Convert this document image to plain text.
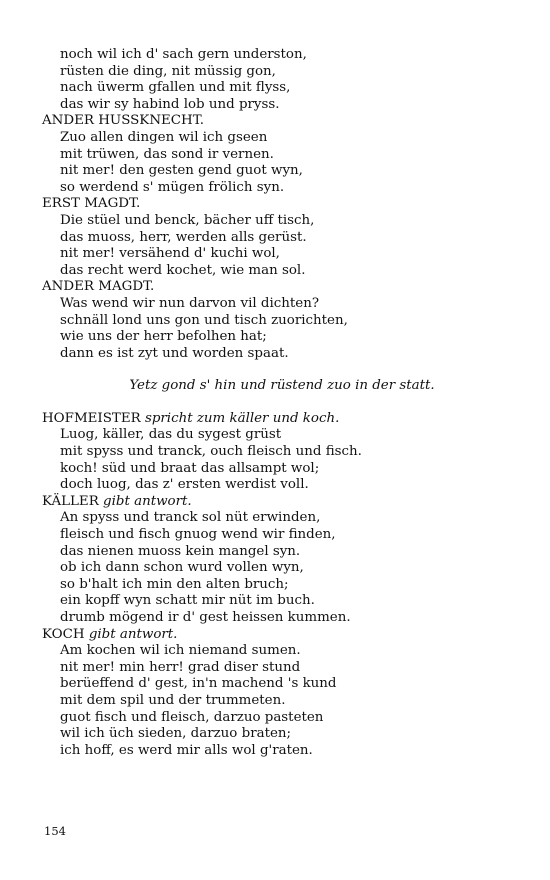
noch wil ich d' sach gern underston,
rüsten die ding, nit müssig gon,
nach üwerm gfallen und mit flyss,
das wir sy habind lob und pryss.
ANDER HUSSKNECHT.
Zuo allen dingen wil ich gseen
mit trüwen, das sond ir vernen.
nit mer! den gesten gend guot wyn,
so werdend s' mügen frölich syn.
ERST MAGDT.
Die stüel und benck, bächer uff tisch,
das muoss, herr, werden alls gerüst.
nit mer! versähend d' kuchi wol,
das recht werd kochet, wie man sol.
ANDER MAGDT.
Was wend wir nun darvon vil dichten?
schnäll lond uns gon und tisch zuorichten,
wie uns der herr befolhen hat;
dann es ist zyt und worden spaat.
Yetz gond s' hin und rüstend zuo in der statt.
HOFMEISTER spricht zum käller und koch.
Luog, käller, das du sygest grüst
mit spyss und tranck, ouch fleisch und fisch.
koch! süd und braat das allsampt wol;
doch luog, das z' ersten werdist voll.
KÄLLER gibt antwort.
An spyss und tranck sol nüt erwinden,
fleisch und fisch gnuog wend wir finden,
das nienen muoss kein mangel syn.
ob ich dann schon wurd vollen wyn,
so b'halt ich min den alten bruch;
ein kopff wyn schatt mir nüt im buch.
drumb mögend ir d' gest heissen kummen.
KOCH gibt antwort.
Am kochen wil ich niemand sumen.
nit mer! min herr! grad diser stund
berüeffend d' gest, in'n machend 's kund
mit dem spil und der trummeten.
guot fisch und fleisch, darzuo pasteten
wil ich üch sieden, darzuo braten;
ich hoff, es werd mir alls wol g'raten.
154
